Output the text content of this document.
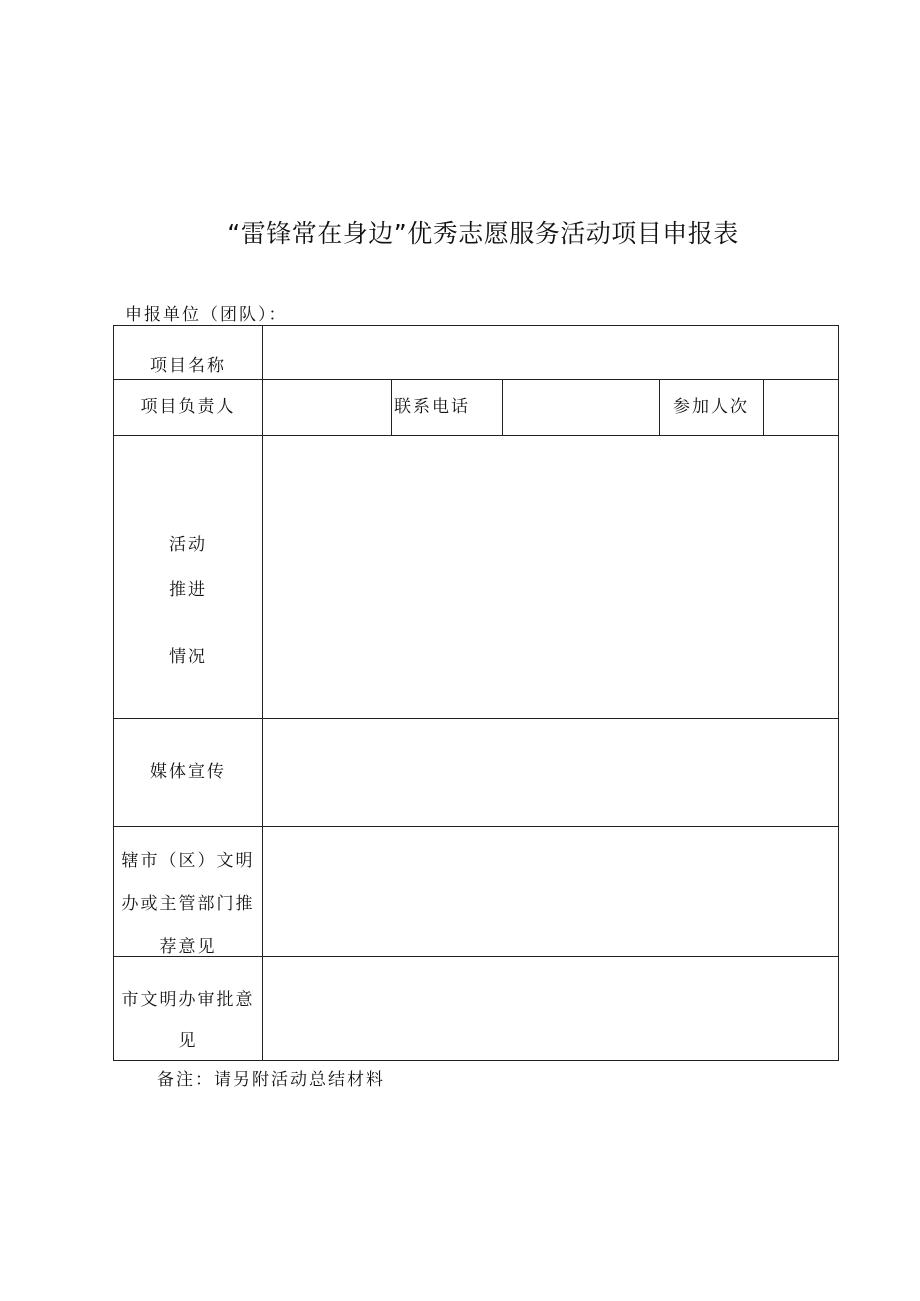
“雷锋常在身边”优秀志愿服务活动项目申报表
申报单位（团队）：
项目名称
项目负责人	联系电话	参加人次
活动
推进
情况
媒体宣传
辖市（区）文明
办或主管部门推
荐意见
市文明办审批意
见
备注：请另附活动总结材料
